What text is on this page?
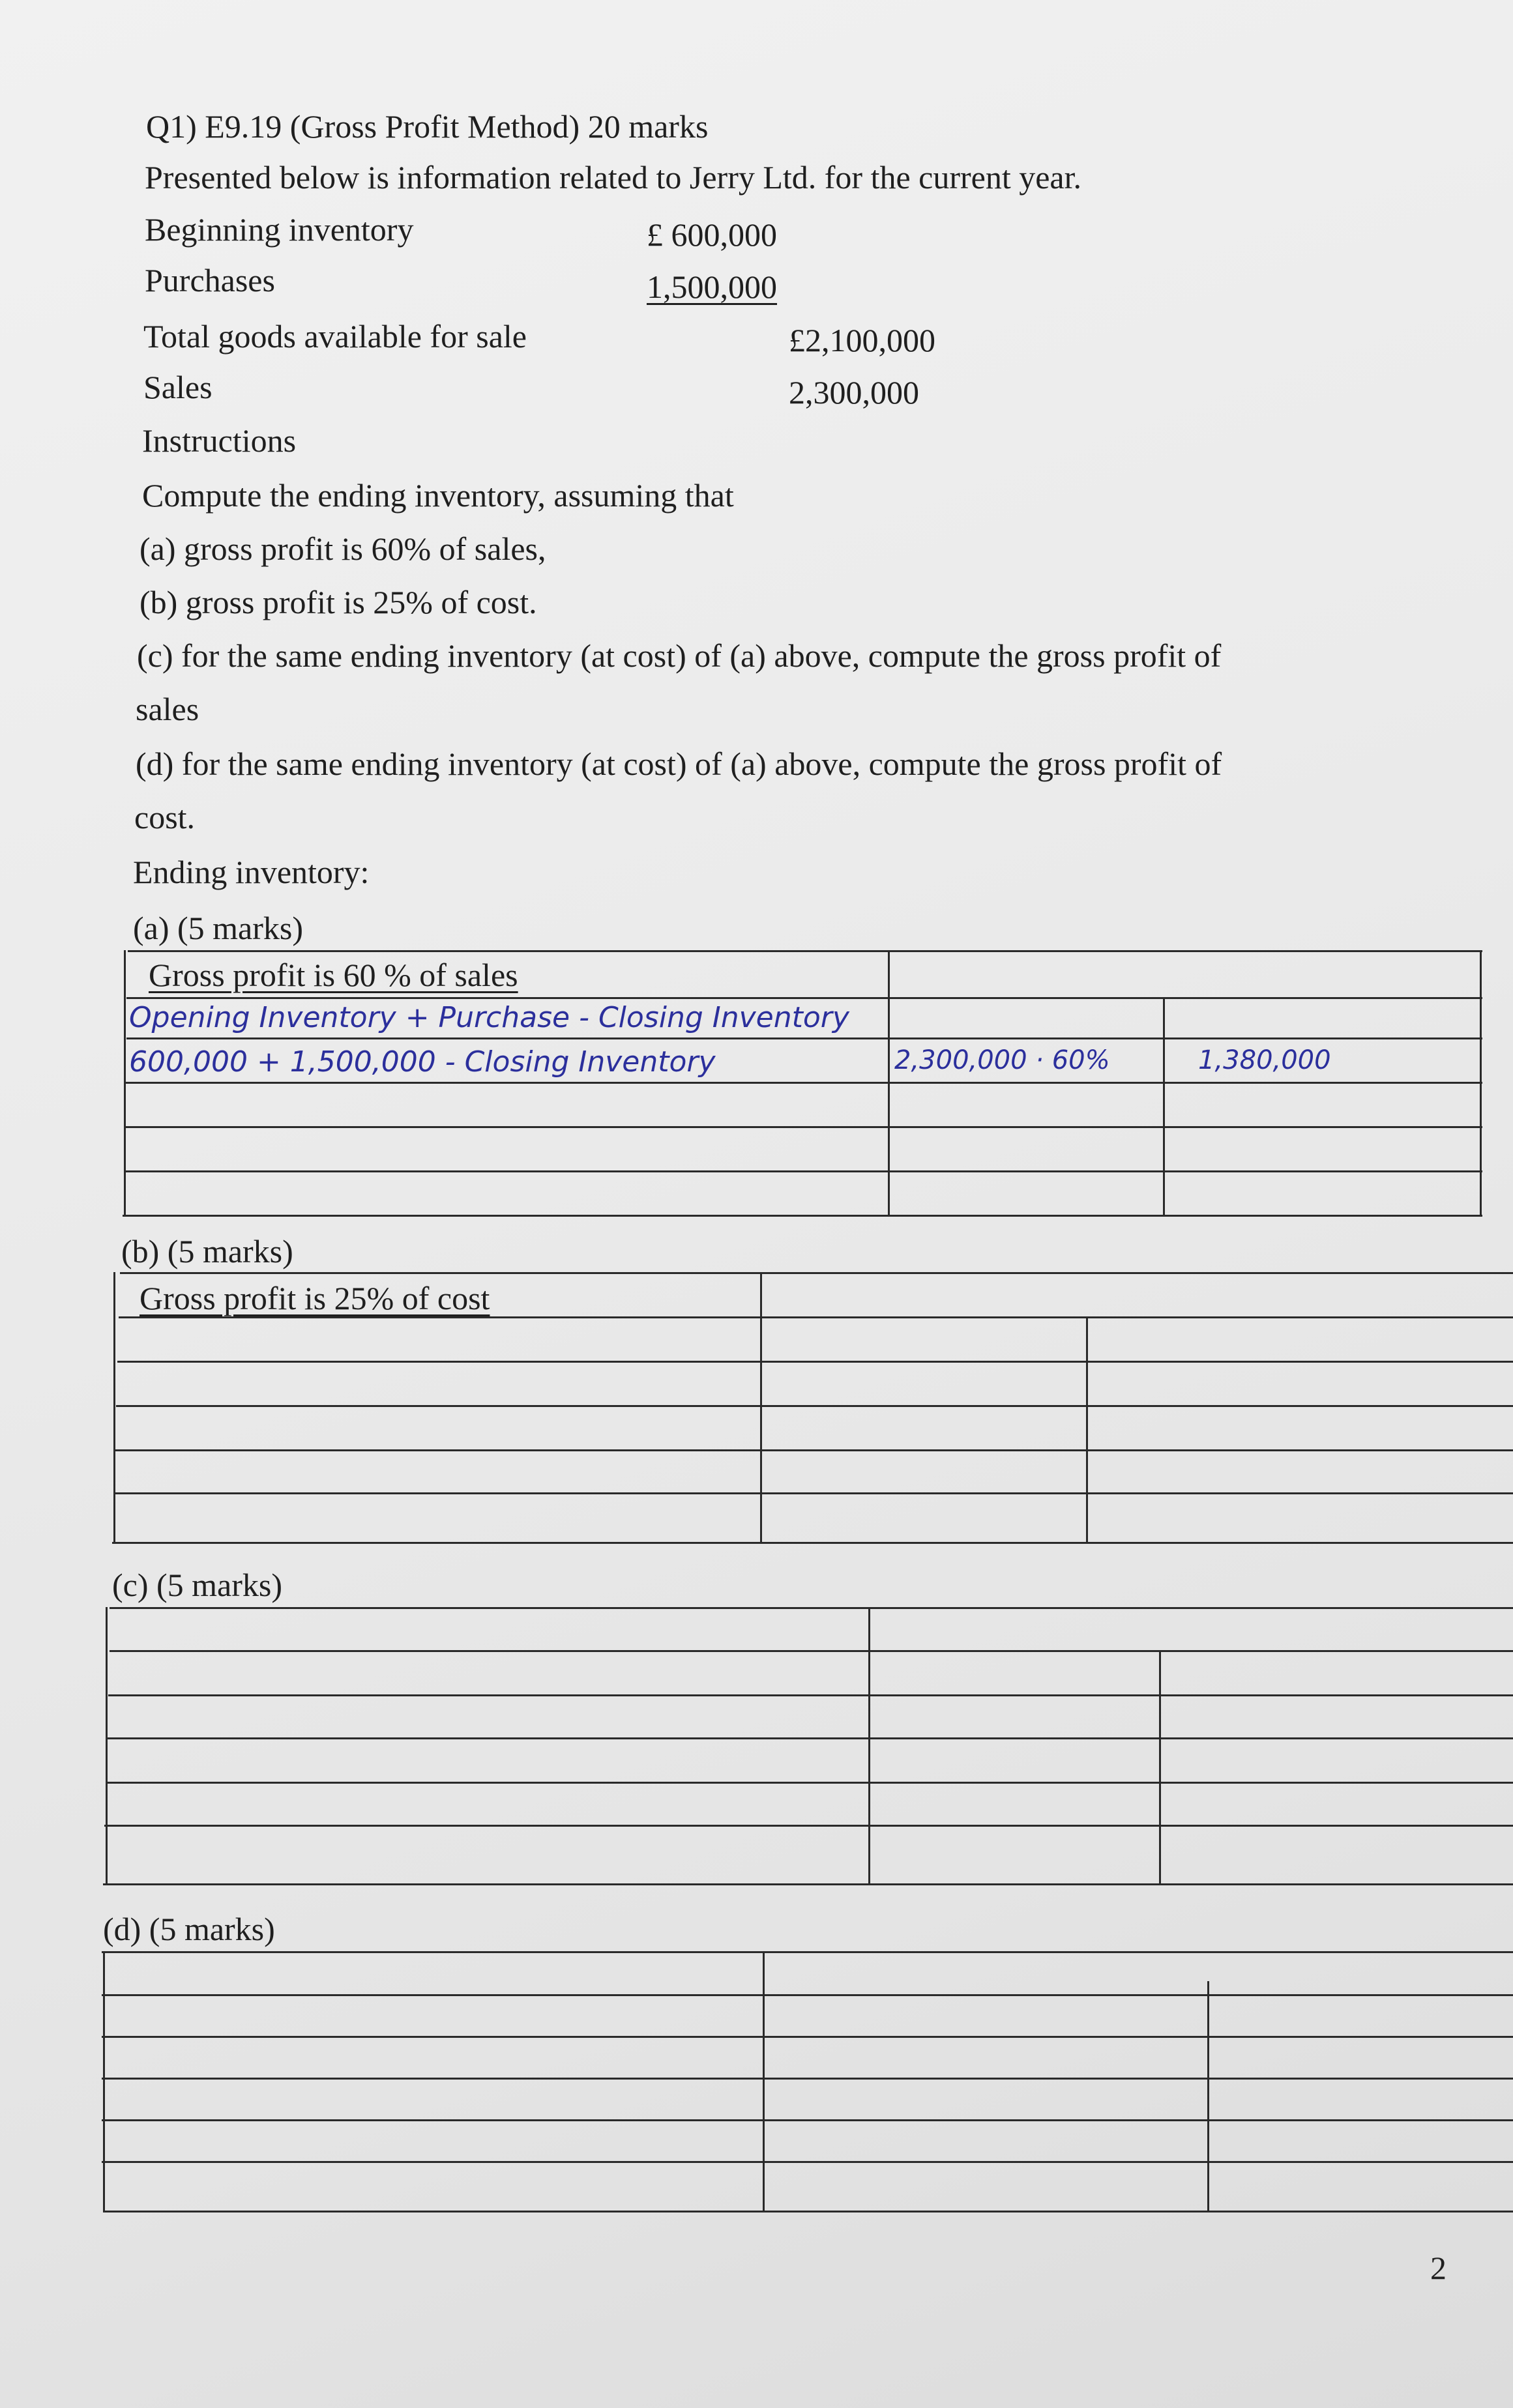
Q1) E9.19 (Gross Profit Method) 20 marks
Presented below is information related to Jerry Ltd. for the current year.
Beginning inventory	£ 600,000
Purchases	1,500,000
Total goods available for sale	£2,100,000
Sales	2,300,000
Instructions
Compute the ending inventory, assuming that
(a) gross profit is 60% of sales,
(b) gross profit is 25% of cost.
(c) for the same ending inventory (at cost) of (a) above, compute the gross profit of
sales
(d) for the same ending inventory (at cost) of (a) above, compute the gross profit of
cost.
Ending inventory:
(a) (5 marks)
Gross profit is 60 % of sales
Opening Inventory + Purchase - Closing Inventory
600,000 + 1,500,000 - Closing Inventory	2,300,000 · 60%	1,380,000
(b) (5 marks)
Gross profit is 25% of cost
(c) (5 marks)
(d) (5 marks)
2
